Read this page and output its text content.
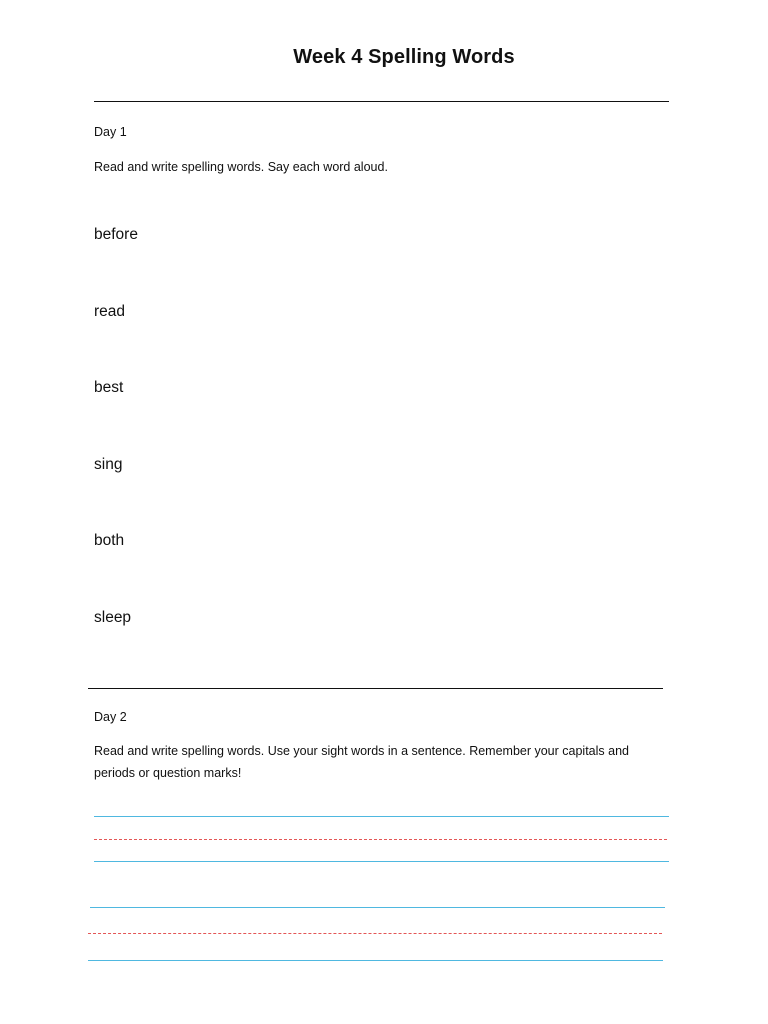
Week 4 Spelling Words
Day 1
Read and write spelling words. Say each word aloud.
before
read
best
sing
both
sleep
Day 2
Read and write spelling words. Use your sight words in a sentence. Remember your capitals and
periods or question marks!
